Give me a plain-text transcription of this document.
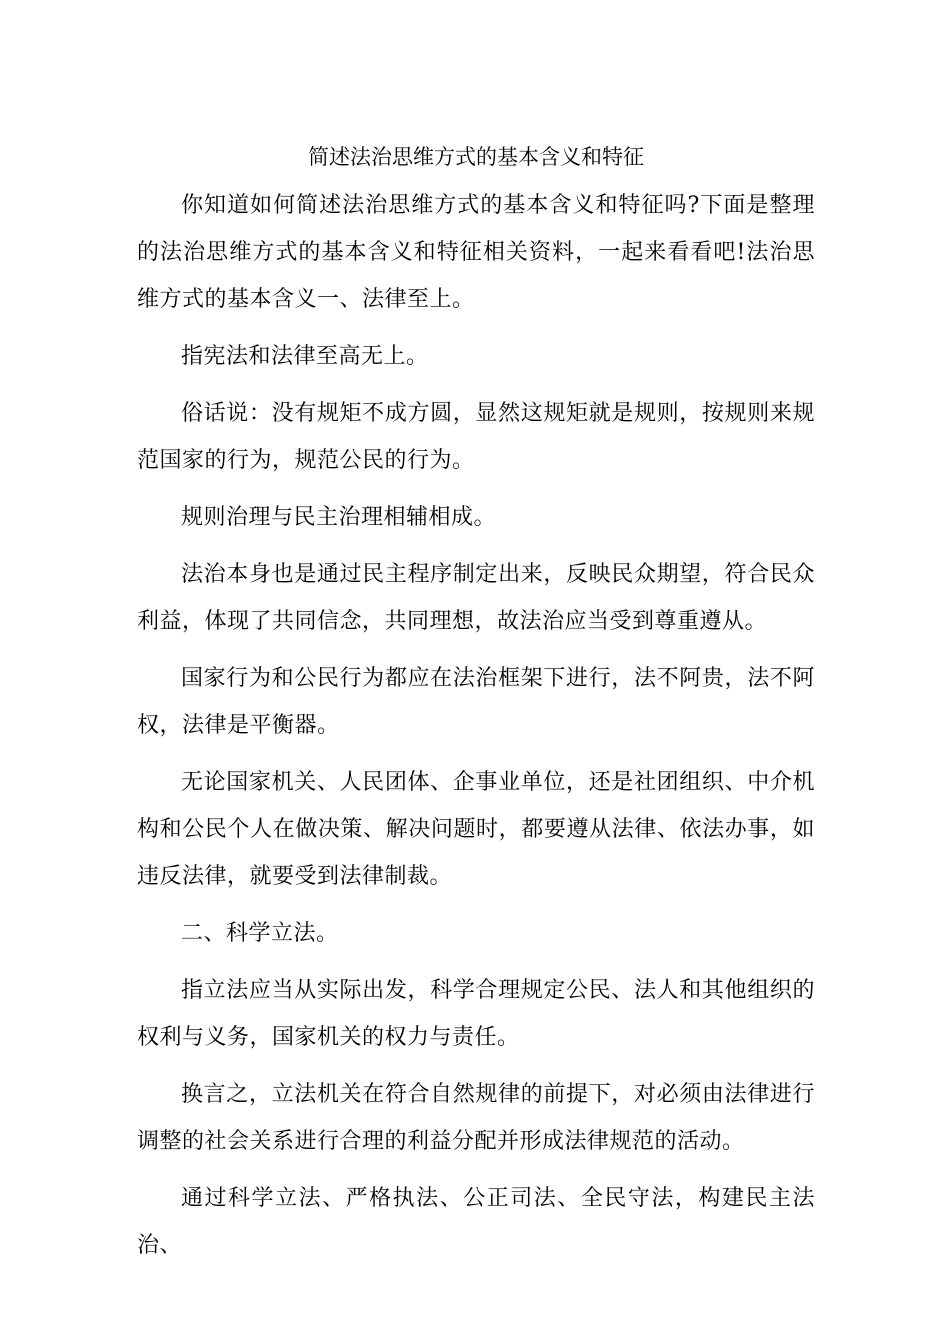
简述法治思维方式的基本含义和特征

你知道如何简述法治思维方式的基本含义和特征吗?下面是整理的法治思维方式的基本含义和特征相关资料，一起来看看吧!法治思维方式的基本含义一、法律至上。

指宪法和法律至高无上。

俗话说：没有规矩不成方圆，显然这规矩就是规则，按规则来规范国家的行为，规范公民的行为。

规则治理与民主治理相辅相成。

法治本身也是通过民主程序制定出来，反映民众期望，符合民众利益，体现了共同信念，共同理想，故法治应当受到尊重遵从。

国家行为和公民行为都应在法治框架下进行，法不阿贵，法不阿权，法律是平衡器。

无论国家机关、人民团体、企事业单位，还是社团组织、中介机构和公民个人在做决策、解决问题时，都要遵从法律、依法办事，如违反法律，就要受到法律制裁。

二、科学立法。

指立法应当从实际出发，科学合理规定公民、法人和其他组织的权利与义务，国家机关的权力与责任。

换言之，立法机关在符合自然规律的前提下，对必须由法律进行调整的社会关系进行合理的利益分配并形成法律规范的活动。

通过科学立法、严格执法、公正司法、全民守法，构建民主法治、
